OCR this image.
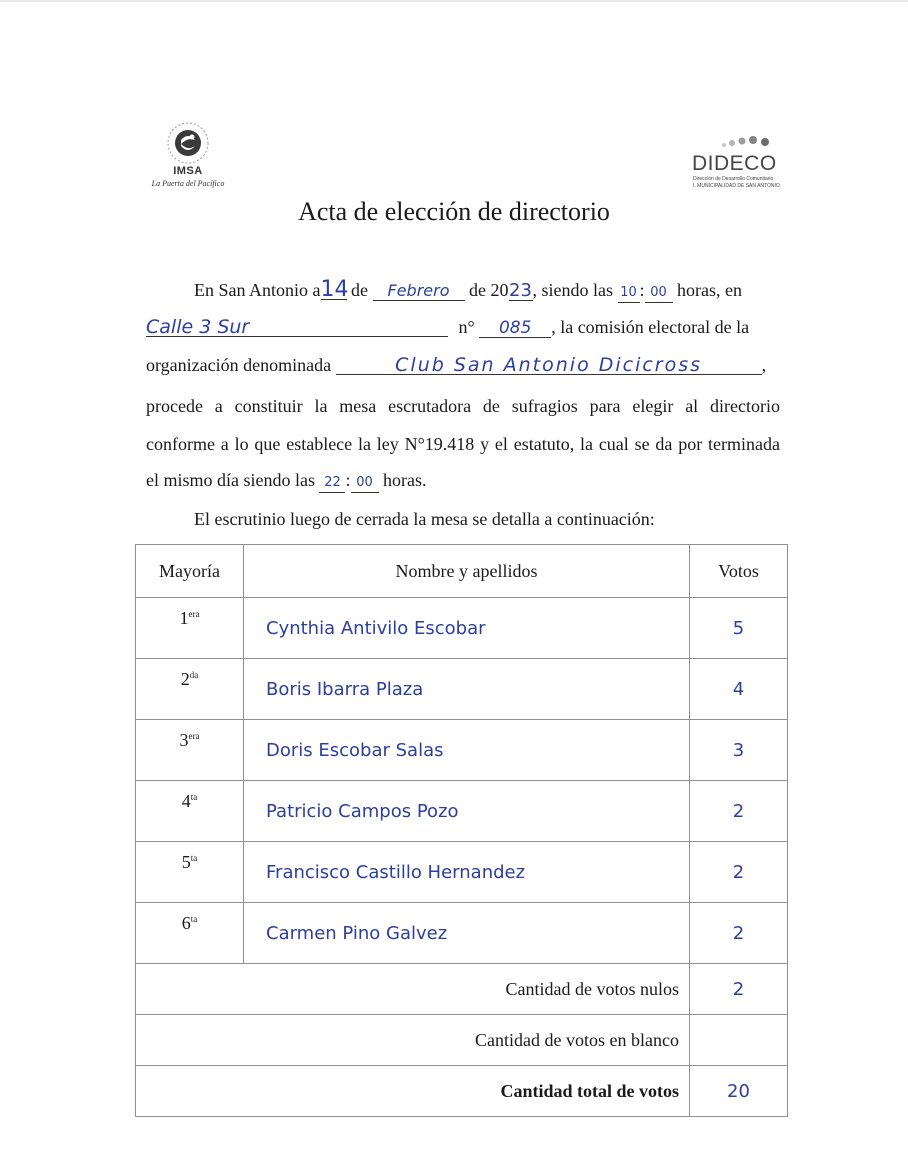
IMSA
La Puerta del Pacífico
DIDECO
Dirección de Desarrollo Comunitario
I. MUNICIPALIDAD DE SAN ANTONIO
Acta de elección de directorio
En San Antonio a14 de Febrero de 2023, siendo las 10 : 00 horas, en
Calle 3 Sur	n° 085 , la comisión electoral de la
organización denominada	Club San Antonio Dicicross	,
procede a constituir la mesa escrutadora de sufragios para elegir al directorio
conforme a lo que establece la ley N°19.418 y el estatuto, la cual se da por terminada
el mismo día siendo las 22 : 00 horas.
El escrutinio luego de cerrada la mesa se detalla a continuación:
Mayoría	Nombre y apellidos	Votos
$1^{era}$	Cynthia Antivilo Escobar	5
$2^{da}$	Boris Ibarra Plaza	4
$3^{era}$	Doris Escobar Salas	3
$4^{ta}$	Patricio Campos Pozo	2
$5^{ta}$	Francisco Castillo Hernandez	2
$6^{ta}$	Carmen Pino Galvez	2
Cantidad de votos nulos		2
Cantidad de votos en blanco		
Cantidad total de votos		20
